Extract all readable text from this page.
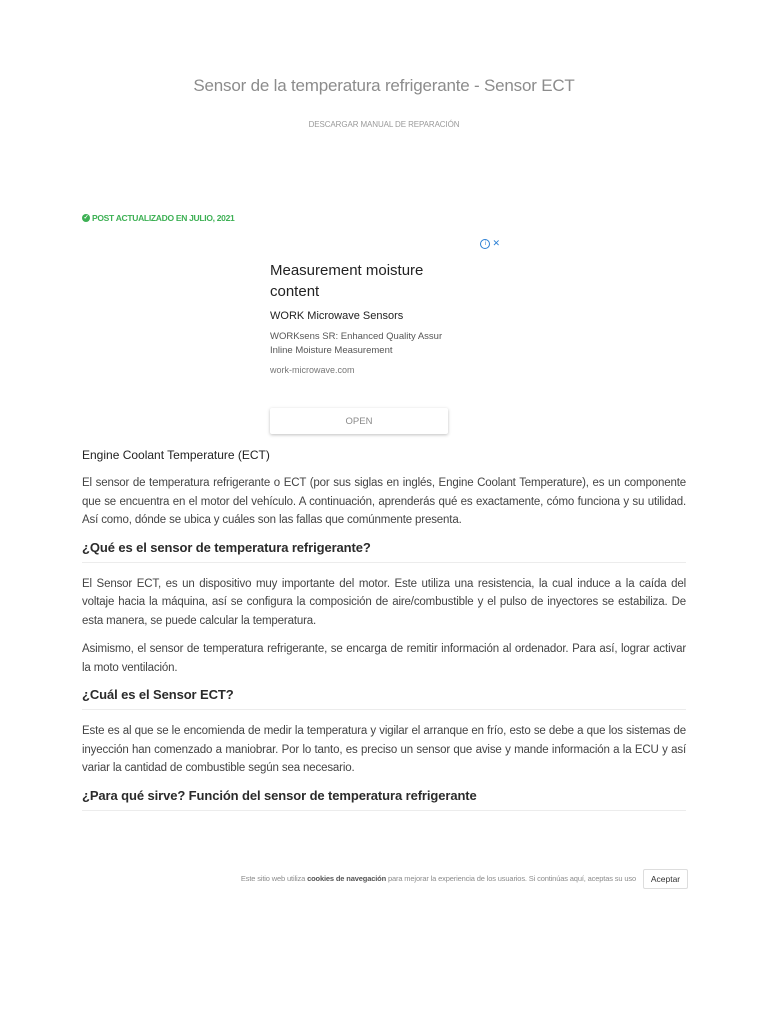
Sensor de la temperatura refrigerante - Sensor ECT
DESCARGAR MANUAL DE REPARACIÓN
✓ POST ACTUALIZADO EN JULIO, 2021
i ✕
Measurement moisture content
WORK Microwave Sensors
WORKsens SR: Enhanced Quality Assur
Inline Moisture Measurement
work-microwave.com
OPEN
Engine Coolant Temperature (ECT)

El sensor de temperatura refrigerante o ECT (por sus siglas en inglés, Engine Coolant Temperature), es un componente que se encuentra en el motor del vehículo. A continuación, aprenderás qué es exactamente, cómo funciona y su utilidad. Así como, dónde se ubica y cuáles son las fallas que comúnmente presenta.

¿Qué es el sensor de temperatura refrigerante?

El Sensor ECT, es un dispositivo muy importante del motor. Este utiliza una resistencia, la cual induce a la caída del voltaje hacia la máquina, así se configura la composición de aire/combustible y el pulso de inyectores se estabiliza. De esta manera, se puede calcular la temperatura.

Asimismo, el sensor de temperatura refrigerante, se encarga de remitir información al ordenador. Para así, lograr activar la moto ventilación.

¿Cuál es el Sensor ECT?

Este es al que se le encomienda de medir la temperatura y vigilar el arranque en frío, esto se debe a que los sistemas de inyección han comenzado a maniobrar. Por lo tanto, es preciso un sensor que avise y mande información a la ECU y así variar la cantidad de combustible según sea necesario.

¿Para qué sirve? Función del sensor de temperatura refrigerante
Este sitio web utiliza cookies de navegación para mejorar la experiencia de los usuarios. Si continúas aquí, aceptas su uso	Aceptar
